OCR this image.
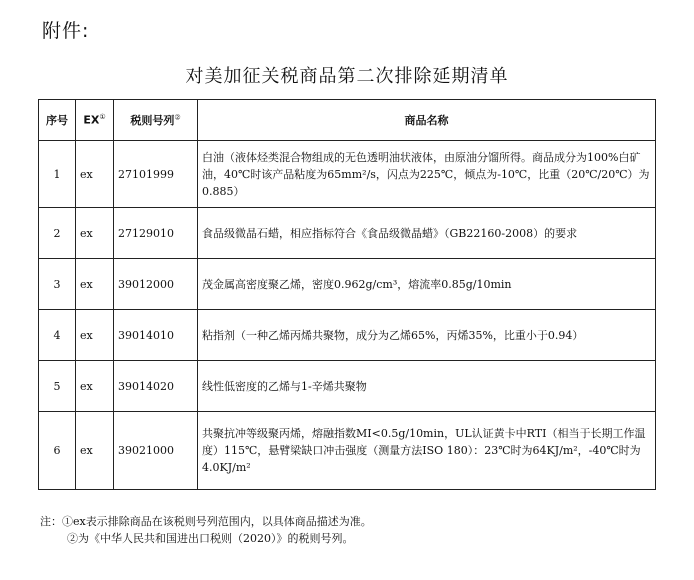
附件:
对美加征关税商品第二次排除延期清单
序号	EX①	税则号列②	商品名称
1	ex	27101999	白油（液体烃类混合物组成的无色透明油状液体，由原油分馏所得。商品成分为100%白矿油，40℃时该产品粘度为65mm²/s，闪点为225℃，倾点为-10℃，比重（20℃/20℃）为0.885）
2	ex	27129010	食品级微晶石蜡，相应指标符合《食品级微晶蜡》（GB22160-2008）的要求
3	ex	39012000	茂金属高密度聚乙烯，密度0.962g/cm³，熔流率0.85g/10min
4	ex	39014010	粘指剂（一种乙烯丙烯共聚物，成分为乙烯65%，丙烯35%，比重小于0.94）
5	ex	39014020	线性低密度的乙烯与1-辛烯共聚物
6	ex	39021000	共聚抗冲等级聚丙烯，熔融指数MI<0.5g/10min，UL认证黄卡中RTI（相当于长期工作温度）115℃，悬臂梁缺口冲击强度（测量方法ISO 180）：23℃时为64KJ/m²，-40℃时为4.0KJ/m²
注：①ex表示排除商品在该税则号列范围内，以具体商品描述为准。
②为《中华人民共和国进出口税则（2020）》的税则号列。
